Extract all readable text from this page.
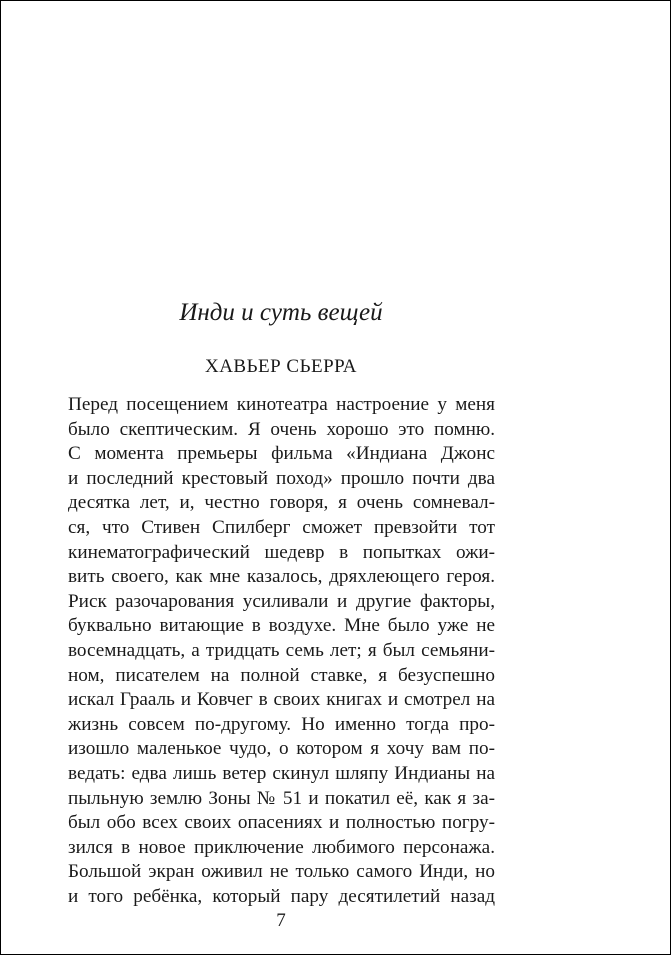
Инди и суть вещей
ХАВЬЕР СЬЕРРА
Перед посещением кинотеатра настроение у меня
было скептическим. Я очень хорошо это помню.
С момента премьеры фильма «Индиана Джонс
и последний крестовый поход» прошло почти два
десятка лет, и, честно говоря, я очень сомневал-
ся, что Стивен Спилберг сможет превзойти тот
кинематографический шедевр в попытках ожи-
вить своего, как мне казалось, дряхлеющего героя.
Риск разочарования усиливали и другие факторы,
буквально витающие в воздухе. Мне было уже не
восемнадцать, а тридцать семь лет; я был семьяни-
ном, писателем на полной ставке, я безуспешно
искал Грааль и Ковчег в своих книгах и смотрел на
жизнь совсем по-другому. Но именно тогда про-
изошло маленькое чудо, о котором я хочу вам по-
ведать: едва лишь ветер скинул шляпу Индианы на
пыльную землю Зоны № 51 и покатил её, как я за-
был обо всех своих опасениях и полностью погру-
зился в новое приключение любимого персонажа.
Большой экран оживил не только самого Инди, но
и того ребёнка, который пару десятилетий назад
7
